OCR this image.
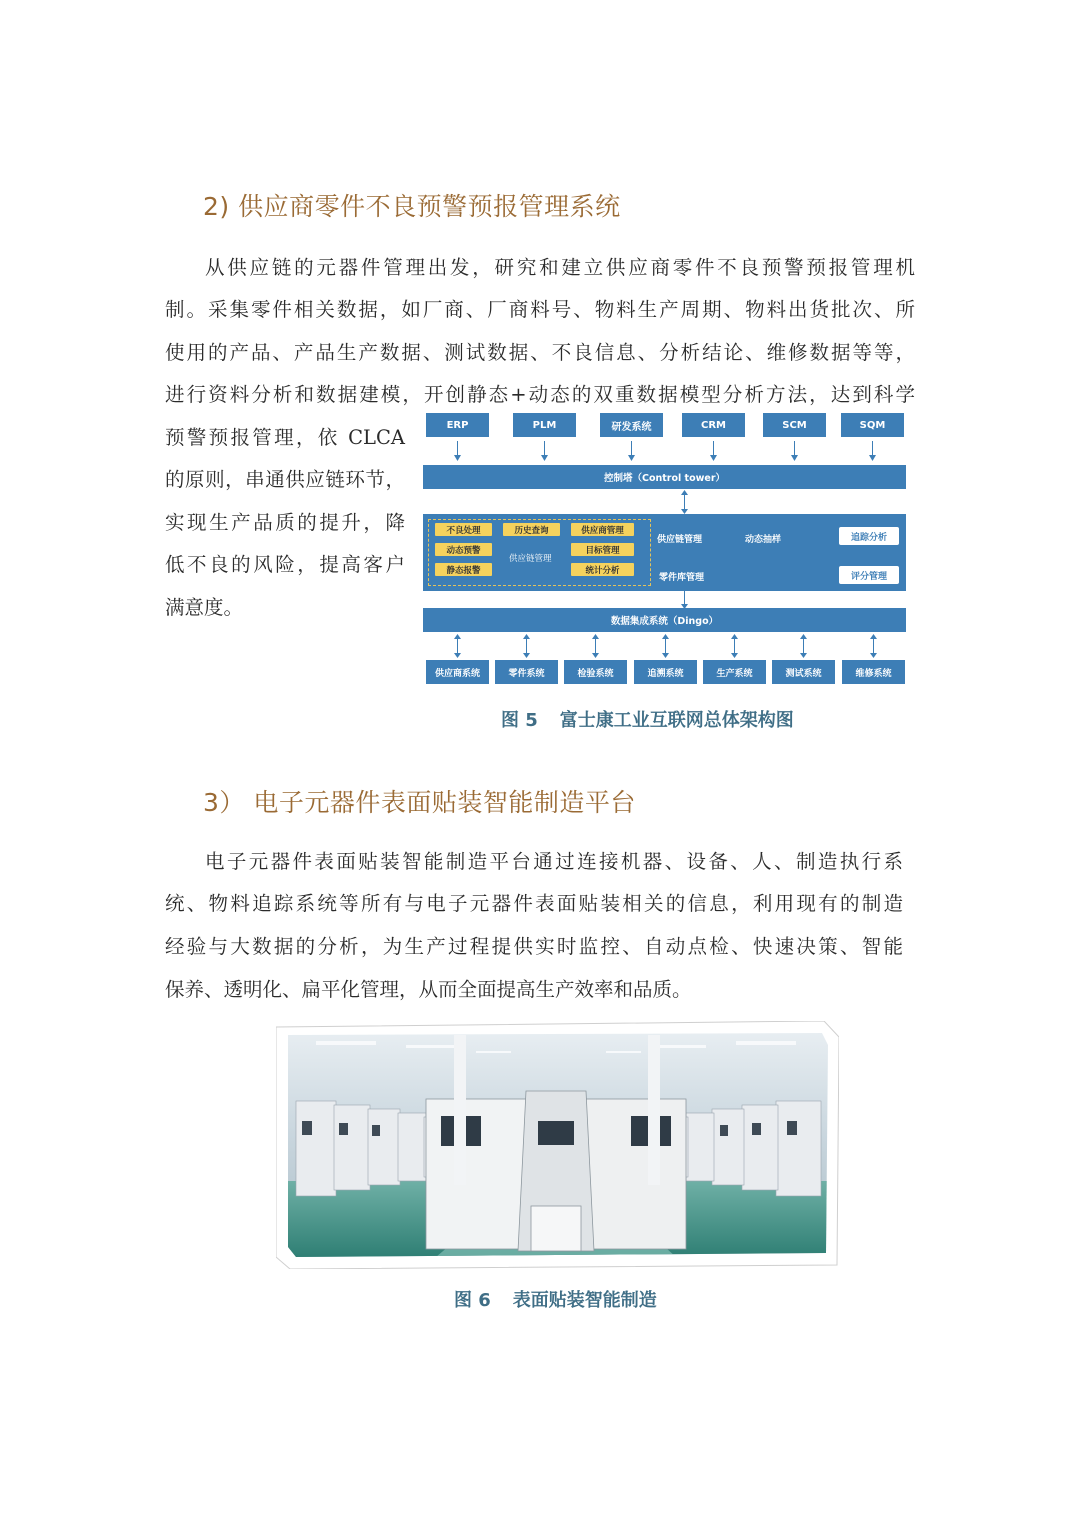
2) 供应商零件不良预警预报管理系统
从供应链的元器件管理出发，研究和建立供应商零件不良预警预报管理机
制。采集零件相关数据，如厂商、厂商料号、物料生产周期、物料出货批次、所
使用的产品、产品生产数据、测试数据、不良信息、分析结论、维修数据等等，
进行资料分析和数据建模，开创静态+动态的双重数据模型分析方法，达到科学
预警预报管理，依 CLCA
的原则，串通供应链环节，
实现生产品质的提升，降
低不良的风险，提高客户
满意度。
ERP	PLM	研发系统	CRM	SCM	SQM
控制塔（Control tower）
不良处理	历史查询	供应商管理
动态预警
供应链管理
目标管理
静态报警	统计分析
供应链管理	动态抽样	追踪分析
零件库管理	评分管理
数据集成系统（Dingo）
供应商系统	零件系统	检验系统	追溯系统	生产系统	测试系统	维修系统

图 5 富士康工业互联网总体架构图

3） 电子元器件表面贴装智能制造平台
电子元器件表面贴装智能制造平台通过连接机器、设备、人、制造执行系
统、物料追踪系统等所有与电子元器件表面贴装相关的信息，利用现有的制造
经验与大数据的分析，为生产过程提供实时监控、自动点检、快速决策、智能
保养、透明化、扁平化管理，从而全面提高生产效率和品质。

图 6 表面贴装智能制造
